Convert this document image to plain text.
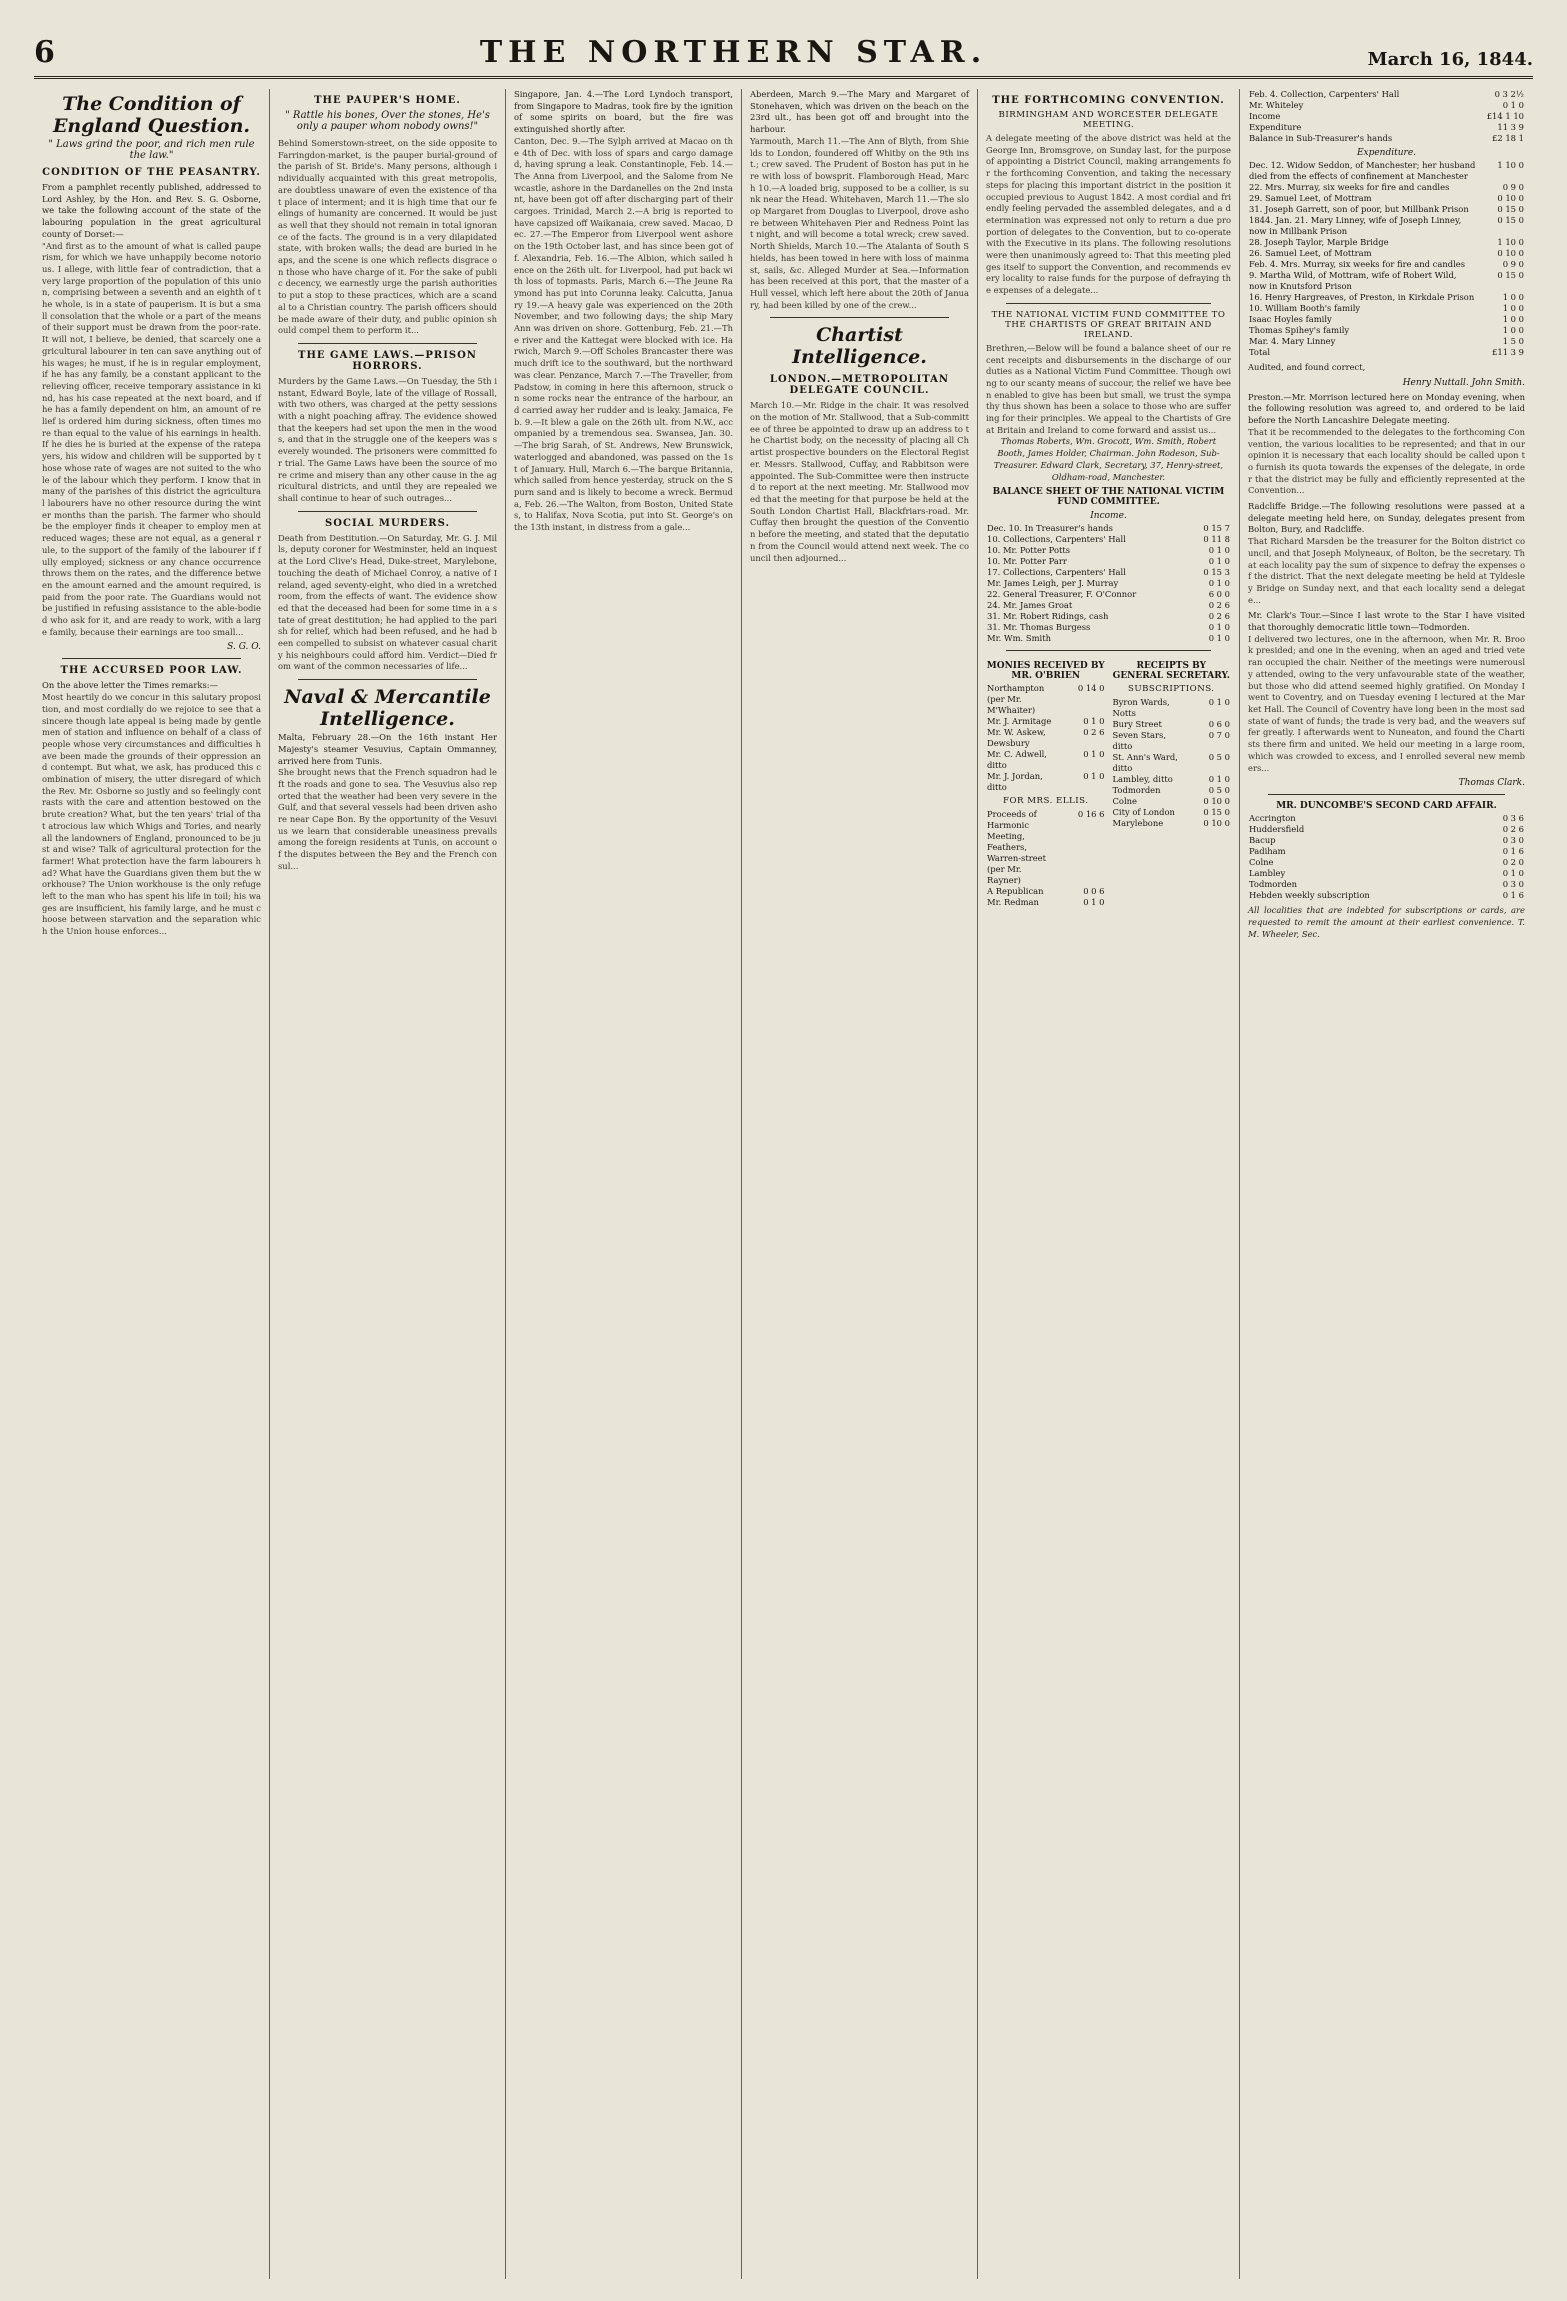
6	THE NORTHERN STAR.	March 16, 1844.
The Condition of England Question.
" Laws grind the poor, and rich men rule the law."
CONDITION OF THE PEASANTRY.

From a pamphlet recently published, addressed to Lord Ashley, by the Hon. and Rev. S. G. Osborne, we take the following account of the state of the labouring population in the great agricultural county of Dorset:—

"And first as to the amount of what is called pauperism, for which we have unhappily become notorious. I allege, with little fear of contradiction, that a very large proportion of the population of this union, comprising between a seventh and an eighth of the whole, is in a state of pauperism. It is but a small consolation that the whole or a part of the means of their support must be drawn from the poor-rate. It will not, I believe, be denied, that scarcely one agricultural labourer in ten can save anything out of his wages; he must, if he is in regular employment, if he has any family, be a constant applicant to the relieving officer, receive temporary assistance in kind, has his case repeated at the next board, and if he has a family dependent on him, an amount of relief is ordered him during sickness, often times more than equal to the value of his earnings in health. If he dies he is buried at the expense of the ratepayers, his widow and children will be supported by those whose rate of wages are not suited to the whole of the labour which they perform. I know that in many of the parishes of this district the agricultural labourers have no other resource during the winter months than the parish. The farmer who should be the employer finds it cheaper to employ men at reduced wages; these are not equal, as a general rule, to the support of the family of the labourer if fully employed; sickness or any chance occurrence throws them on the rates, and the difference between the amount earned and the amount required, is paid from the poor rate. The Guardians would not be justified in refusing assistance to the able-bodied who ask for it, and are ready to work, with a large family, because their earnings are too small...

S. G. O.
THE ACCURSED POOR LAW.

On the above letter the Times remarks:—

Most heartily do we concur in this salutary proposition, and most cordially do we rejoice to see that a sincere though late appeal is being made by gentlemen of station and influence on behalf of a class of people whose very circumstances and difficulties have been made the grounds of their oppression and contempt. But what, we ask, has produced this combination of misery, the utter disregard of which the Rev. Mr. Osborne so justly and so feelingly contrasts with the care and attention bestowed on the brute creation? What, but the ten years' trial of that atrocious law which Whigs and Tories, and nearly all the landowners of England, pronounced to be just and wise? Talk of agricultural protection for the farmer! What protection have the farm labourers had? What have the Guardians given them but the workhouse? The Union workhouse is the only refuge left to the man who has spent his life in toil; his wages are insufficient, his family large, and he must choose between starvation and the separation which the Union house enforces...

THE PAUPER'S HOME.
" Rattle his bones, Over the stones, He's only a pauper whom nobody owns!"

Behind Somerstown-street, on the side opposite to Farringdon-market, is the pauper burial-ground of the parish of St. Bride's. Many persons, although individually acquainted with this great metropolis, are doubtless unaware of even the existence of that place of interment; and it is high time that our feelings of humanity are concerned. It would be just as well that they should not remain in total ignorance of the facts. The ground is in a very dilapidated state, with broken walls; the dead are buried in heaps, and the scene is one which reflects disgrace on those who have charge of it. For the sake of public decency, we earnestly urge the parish authorities to put a stop to these practices, which are a scandal to a Christian country. The parish officers should be made aware of their duty, and public opinion should compel them to perform it...

THE GAME LAWS.—PRISON HORRORS.

Murders by the Game Laws.—On Tuesday, the 5th instant, Edward Boyle, late of the village of Rossall, with two others, was charged at the petty sessions with a night poaching affray. The evidence showed that the keepers had set upon the men in the woods, and that in the struggle one of the keepers was severely wounded. The prisoners were committed for trial. The Game Laws have been the source of more crime and misery than any other cause in the agricultural districts, and until they are repealed we shall continue to hear of such outrages...

SOCIAL MURDERS.

Death from Destitution.—On Saturday, Mr. G. J. Mills, deputy coroner for Westminster, held an inquest at the Lord Clive's Head, Duke-street, Marylebone, touching the death of Michael Conroy, a native of Ireland, aged seventy-eight, who died in a wretched room, from the effects of want. The evidence showed that the deceased had been for some time in a state of great destitution; he had applied to the parish for relief, which had been refused, and he had been compelled to subsist on whatever casual charity his neighbours could afford him. Verdict—Died from want of the common necessaries of life...

Naval & Mercantile Intelligence.

Malta, February 28.—On the 16th instant Her Majesty's steamer Vesuvius, Captain Ommanney, arrived here from Tunis.

She brought news that the French squadron had left the roads and gone to sea. The Vesuvius also reported that the weather had been very severe in the Gulf, and that several vessels had been driven ashore near Cape Bon. By the opportunity of the Vesuvius we learn that considerable uneasiness prevails among the foreign residents at Tunis, on account of the disputes between the Bey and the French consul...

Singapore, Jan. 4.—The Lord Lyndoch transport, from Singapore to Madras, took fire by the ignition of some spirits on board, but the fire was extinguished shortly after.

Canton, Dec. 9.—The Sylph arrived at Macao on the 4th of Dec. with loss of spars and cargo damaged, having sprung a leak. Constantinople, Feb. 14.—The Anna from Liverpool, and the Salome from Newcastle, ashore in the Dardanelles on the 2nd instant, have been got off after discharging part of their cargoes. Trinidad, March 2.—A brig is reported to have capsized off Waikanaia, crew saved. Macao, Dec. 27.—The Emperor from Liverpool went ashore on the 19th October last, and has since been got off. Alexandria, Feb. 16.—The Albion, which sailed hence on the 26th ult. for Liverpool, had put back with loss of topmasts. Paris, March 6.—The Jeune Raymond has put into Corunna leaky. Calcutta, January 19.—A heavy gale was experienced on the 20th November, and two following days; the ship Mary Ann was driven on shore. Gottenburg, Feb. 21.—The river and the Kattegat were blocked with ice. Harwich, March 9.—Off Scholes Brancaster there was much drift ice to the southward, but the northward was clear. Penzance, March 7.—The Traveller, from Padstow, in coming in here this afternoon, struck on some rocks near the entrance of the harbour, and carried away her rudder and is leaky. Jamaica, Feb. 9.—It blew a gale on the 26th ult. from N.W., accompanied by a tremendous sea. Swansea, Jan. 30.—The brig Sarah, of St. Andrews, New Brunswick, waterlogged and abandoned, was passed on the 1st of January. Hull, March 6.—The barque Britannia, which sailed from hence yesterday, struck on the Spurn sand and is likely to become a wreck. Bermuda, Feb. 26.—The Walton, from Boston, United States, to Halifax, Nova Scotia, put into St. George's on the 13th instant, in distress from a gale...

Aberdeen, March 9.—The Mary and Margaret of Stonehaven, which was driven on the beach on the 23rd ult., has been got off and brought into the harbour.

Yarmouth, March 11.—The Ann of Blyth, from Shields to London, foundered off Whitby on the 9th inst.; crew saved. The Prudent of Boston has put in here with loss of bowsprit. Flamborough Head, March 10.—A loaded brig, supposed to be a collier, is sunk near the Head. Whitehaven, March 11.—The sloop Margaret from Douglas to Liverpool, drove ashore between Whitehaven Pier and Redness Point last night, and will become a total wreck; crew saved. North Shields, March 10.—The Atalanta of South Shields, has been towed in here with loss of mainmast, sails, &c. Alleged Murder at Sea.—Information has been received at this port, that the master of a Hull vessel, which left here about the 20th of January, had been killed by one of the crew...

Chartist Intelligence.
LONDON.—METROPOLITAN DELEGATE COUNCIL.

March 10.—Mr. Ridge in the chair. It was resolved on the motion of Mr. Stallwood, that a Sub-committee of three be appointed to draw up an address to the Chartist body, on the necessity of placing all Chartist prospective bounders on the Electoral Register. Messrs. Stallwood, Cuffay, and Rabbitson were appointed. The Sub-Committee were then instructed to report at the next meeting. Mr. Stallwood moved that the meeting for that purpose be held at the South London Chartist Hall, Blackfriars-road. Mr. Cuffay then brought the question of the Convention before the meeting, and stated that the deputation from the Council would attend next week. The council then adjourned...

THE FORTHCOMING CONVENTION.
BIRMINGHAM AND WORCESTER DELEGATE MEETING.

A delegate meeting of the above district was held at the George Inn, Bromsgrove, on Sunday last, for the purpose of appointing a District Council, making arrangements for the forthcoming Convention, and taking the necessary steps for placing this important district in the position it occupied previous to August 1842. A most cordial and friendly feeling pervaded the assembled delegates, and a determination was expressed not only to return a due proportion of delegates to the Convention, but to co-operate with the Executive in its plans. The following resolutions were then unanimously agreed to: That this meeting pledges itself to support the Convention, and recommends every locality to raise funds for the purpose of defraying the expenses of a delegate...

THE NATIONAL VICTIM FUND COMMITTEE TO THE CHARTISTS OF GREAT BRITAIN AND IRELAND.

Brethren,—Below will be found a balance sheet of our recent receipts and disbursements in the discharge of our duties as a National Victim Fund Committee. Though owing to our scanty means of succour, the relief we have been enabled to give has been but small, we trust the sympathy thus shown has been a solace to those who are suffering for their principles. We appeal to the Chartists of Great Britain and Ireland to come forward and assist us...

Thomas Roberts, Wm. Grocott, Wm. Smith, Robert Booth, James Holder, Chairman. John Rodeson, Sub-Treasurer. Edward Clark, Secretary, 37, Henry-street, Oldham-road, Manchester.

BALANCE SHEET OF THE NATIONAL VICTIM FUND COMMITTEE.
Income.
Dec. 10. In Treasurer's hands	0 15 7
10. Collections, Carpenters' Hall	0 11 8
10. Mr. Potter Potts	0 1 0
10. Mr. Potter Parr	0 1 0
17. Collections, Carpenters' Hall	0 15 3
Mr. James Leigh, per J. Murray	0 1 0
22. General Treasurer, F. O'Connor	6 0 0
24. Mr. James Groat	0 2 6
31. Mr. Robert Ridings, cash	0 2 6
31. Mr. Thomas Burgess	0 1 0
Mr. Wm. Smith	0 1 0
MONIES RECEIVED BY MR. O'BRIEN
Northampton (per Mr. M'Whaiter)	0 14 0
Mr. J. Armitage	0 1 0
Mr. W. Askew, Dewsbury	0 2 6
Mr. C. Adwell, ditto	0 1 0
Mr. J. Jordan, ditto	0 1 0
FOR MRS. ELLIS.
Proceeds of Harmonic Meeting, Feathers, Warren-street (per Mr. Rayner)	0 16 6
A Republican	0 0 6
Mr. Redman	0 1 0
RECEIPTS BY GENERAL SECRETARY.
SUBSCRIPTIONS.
Byron Wards, Notts	0 1 0
Bury Street	0 6 0
Seven Stars, ditto	0 7 0
St. Ann's Ward, ditto	0 5 0
Lambley, ditto	0 1 0
Todmorden	0 5 0
Colne	0 10 0
City of London	0 15 0
Marylebone	0 10 0
Feb. 4. Collection, Carpenters' Hall	0 3 2½
Mr. Whiteley	0 1 0
Income	£14 1 10
Expenditure	11 3 9
Balance in Sub-Treasurer's hands	£2 18 1
Expenditure.
Dec. 12. Widow Seddon, of Manchester; her husband died from the effects of confinement at Manchester	1 10 0
22. Mrs. Murray, six weeks for fire and candles	0 9 0
29. Samuel Leet, of Mottram	0 10 0
31. Joseph Garrett, son of poor, but Millbank Prison	0 15 0
1844. Jan. 21. Mary Linney, wife of Joseph Linney, now in Millbank Prison	0 15 0
28. Joseph Taylor, Marple Bridge	1 10 0
26. Samuel Leet, of Mottram	0 10 0
Feb. 4. Mrs. Murray, six weeks for fire and candles	0 9 0
9. Martha Wild, of Mottram, wife of Robert Wild, now in Knutsford Prison	0 15 0
16. Henry Hargreaves, of Preston, in Kirkdale Prison	1 0 0
10. William Booth's family	1 0 0
Isaac Hoyles family	1 0 0
Thomas Spihey's family	1 0 0
Mar. 4. Mary Linney	1 5 0
Total	£11 3 9

Audited, and found correct,

Henry Nuttall. John Smith.

Preston.—Mr. Morrison lectured here on Monday evening, when the following resolution was agreed to, and ordered to be laid before the North Lancashire Delegate meeting.

That it be recommended to the delegates to the forthcoming Convention, the various localities to be represented; and that in our opinion it is necessary that each locality should be called upon to furnish its quota towards the expenses of the delegate, in order that the district may be fully and efficiently represented at the Convention...

Radcliffe Bridge.—The following resolutions were passed at a delegate meeting held here, on Sunday, delegates present from Bolton, Bury, and Radcliffe.

That Richard Marsden be the treasurer for the Bolton district council, and that Joseph Molyneaux, of Bolton, be the secretary. That each locality pay the sum of sixpence to defray the expenses of the district. That the next delegate meeting be held at Tyldesley Bridge on Sunday next, and that each locality send a delegate...

Mr. Clark's Tour.—Since I last wrote to the Star I have visited that thoroughly democratic little town—Todmorden.

I delivered two lectures, one in the afternoon, when Mr. R. Brook presided; and one in the evening, when an aged and tried veteran occupied the chair. Neither of the meetings were numerously attended, owing to the very unfavourable state of the weather, but those who did attend seemed highly gratified. On Monday I went to Coventry, and on Tuesday evening I lectured at the Market Hall. The Council of Coventry have long been in the most sad state of want of funds; the trade is very bad, and the weavers suffer greatly. I afterwards went to Nuneaton, and found the Chartists there firm and united. We held our meeting in a large room, which was crowded to excess, and I enrolled several new members...

Thomas Clark.
MR. DUNCOMBE'S SECOND CARD AFFAIR.
Accrington	0 3 6
Huddersfield	0 2 6
Bacup	0 3 0
Padiham	0 1 6
Colne	0 2 0
Lambley	0 1 0
Todmorden	0 3 0
Hebden weekly subscription	0 1 6

All localities that are indebted for subscriptions or cards, are requested to remit the amount at their earliest convenience. T. M. Wheeler, Sec.
